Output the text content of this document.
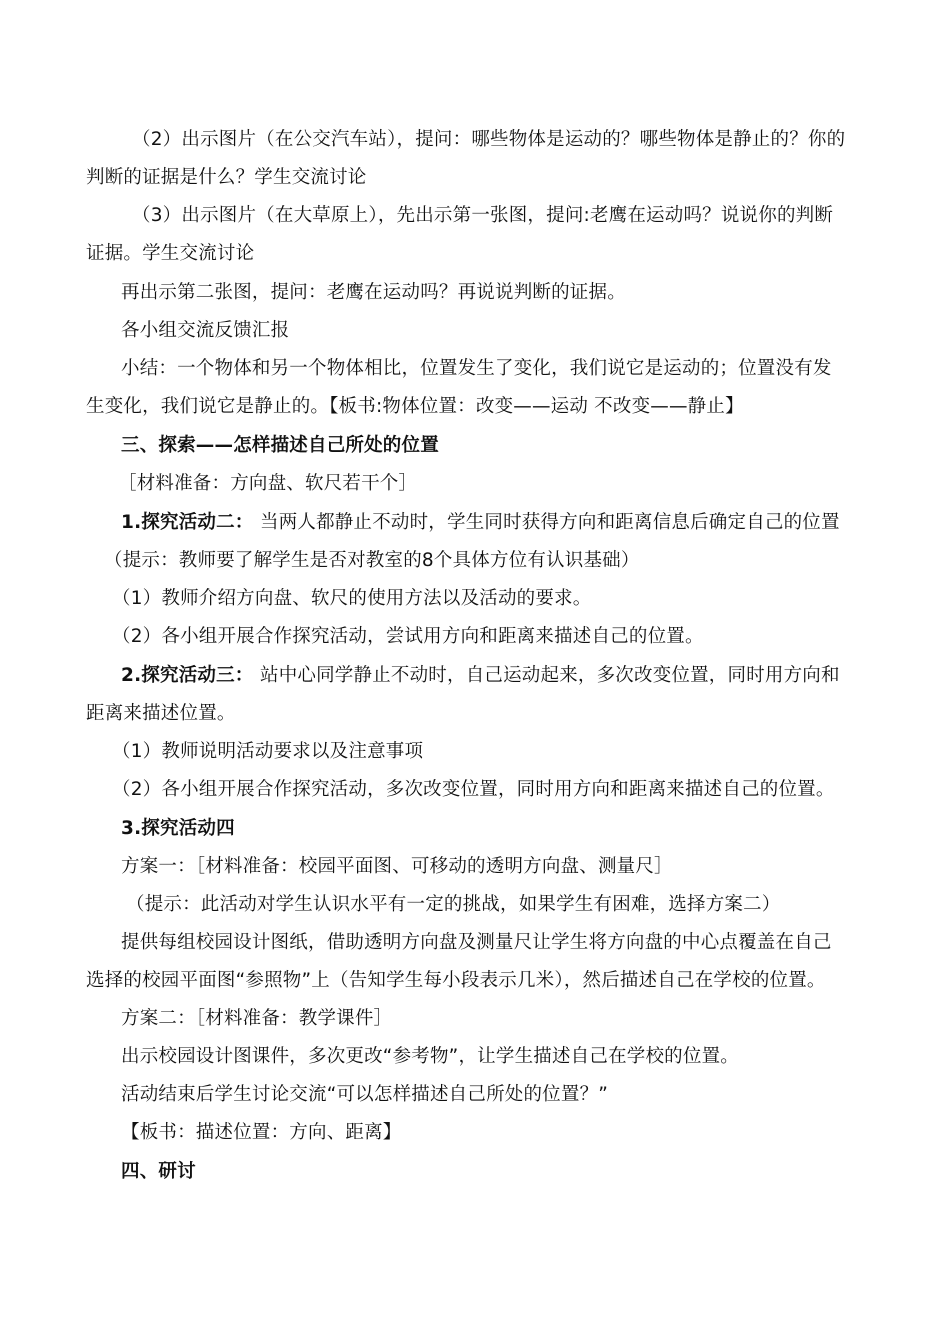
（2）出示图片（在公交汽车站），提问：哪些物体是运动的？哪些物体是静止的？你的
判断的证据是什么？学生交流讨论
（3）出示图片（在大草原上），先出示第一张图，提问:老鹰在运动吗？说说你的判断
证据。学生交流讨论
再出示第二张图，提问：老鹰在运动吗？再说说判断的证据。
各小组交流反馈汇报
小结：一个物体和另一个物体相比，位置发生了变化，我们说它是运动的；位置没有发
生变化，我们说它是静止的。【板书:物体位置：改变——运动 不改变——静止】
三、探索——怎样描述自己所处的位置
［材料准备：方向盘、软尺若干个］
1.探究活动二： 当两人都静止不动时，学生同时获得方向和距离信息后确定自己的位置
（提示：教师要了解学生是否对教室的8个具体方位有认识基础）
（1）教师介绍方向盘、软尺的使用方法以及活动的要求。
（2）各小组开展合作探究活动，尝试用方向和距离来描述自己的位置。
2.探究活动三： 站中心同学静止不动时，自己运动起来，多次改变位置，同时用方向和
距离来描述位置。
（1）教师说明活动要求以及注意事项
（2）各小组开展合作探究活动，多次改变位置，同时用方向和距离来描述自己的位置。
3.探究活动四
方案一：［材料准备：校园平面图、可移动的透明方向盘、测量尺］
（提示：此活动对学生认识水平有一定的挑战，如果学生有困难，选择方案二）
提供每组校园设计图纸，借助透明方向盘及测量尺让学生将方向盘的中心点覆盖在自己
选择的校园平面图“参照物”上（告知学生每小段表示几米），然后描述自己在学校的位置。
方案二：［材料准备：教学课件］
出示校园设计图课件，多次更改“参考物”，让学生描述自己在学校的位置。
活动结束后学生讨论交流“可以怎样描述自己所处的位置？”
【板书：描述位置：方向、距离】
四、研讨
